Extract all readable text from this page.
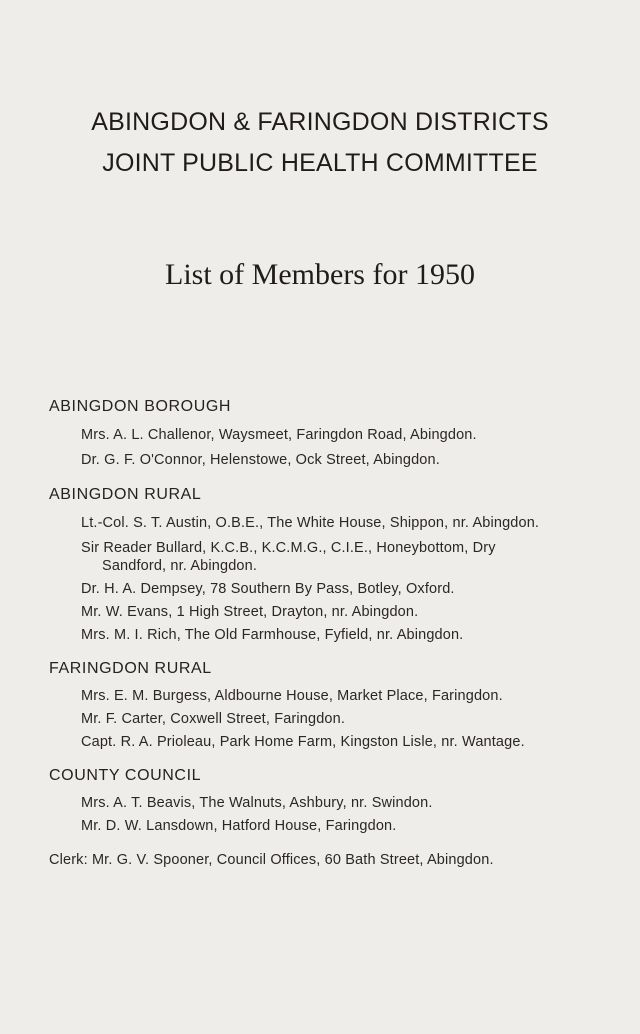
ABINGDON & FARINGDON DISTRICTS
JOINT PUBLIC HEALTH COMMITTEE
List of Members for 1950
ABINGDON BOROUGH
Mrs. A. L. Challenor, Waysmeet, Faringdon Road, Abingdon.
Dr. G. F. O'Connor, Helenstowe, Ock Street, Abingdon.
ABINGDON RURAL
Lt.-Col. S. T. Austin, O.B.E., The White House, Shippon, nr. Abingdon.
Sir Reader Bullard, K.C.B., K.C.M.G., C.I.E., Honeybottom, Dry
Sandford, nr. Abingdon.
Dr. H. A. Dempsey, 78 Southern By Pass, Botley, Oxford.
Mr. W. Evans, 1 High Street, Drayton, nr. Abingdon.
Mrs. M. I. Rich, The Old Farmhouse, Fyfield, nr. Abingdon.
FARINGDON RURAL
Mrs. E. M. Burgess, Aldbourne House, Market Place, Faringdon.
Mr. F. Carter, Coxwell Street, Faringdon.
Capt. R. A. Prioleau, Park Home Farm, Kingston Lisle, nr. Wantage.
COUNTY COUNCIL
Mrs. A. T. Beavis, The Walnuts, Ashbury, nr. Swindon.
Mr. D. W. Lansdown, Hatford House, Faringdon.
Clerk: Mr. G. V. Spooner, Council Offices, 60 Bath Street, Abingdon.
